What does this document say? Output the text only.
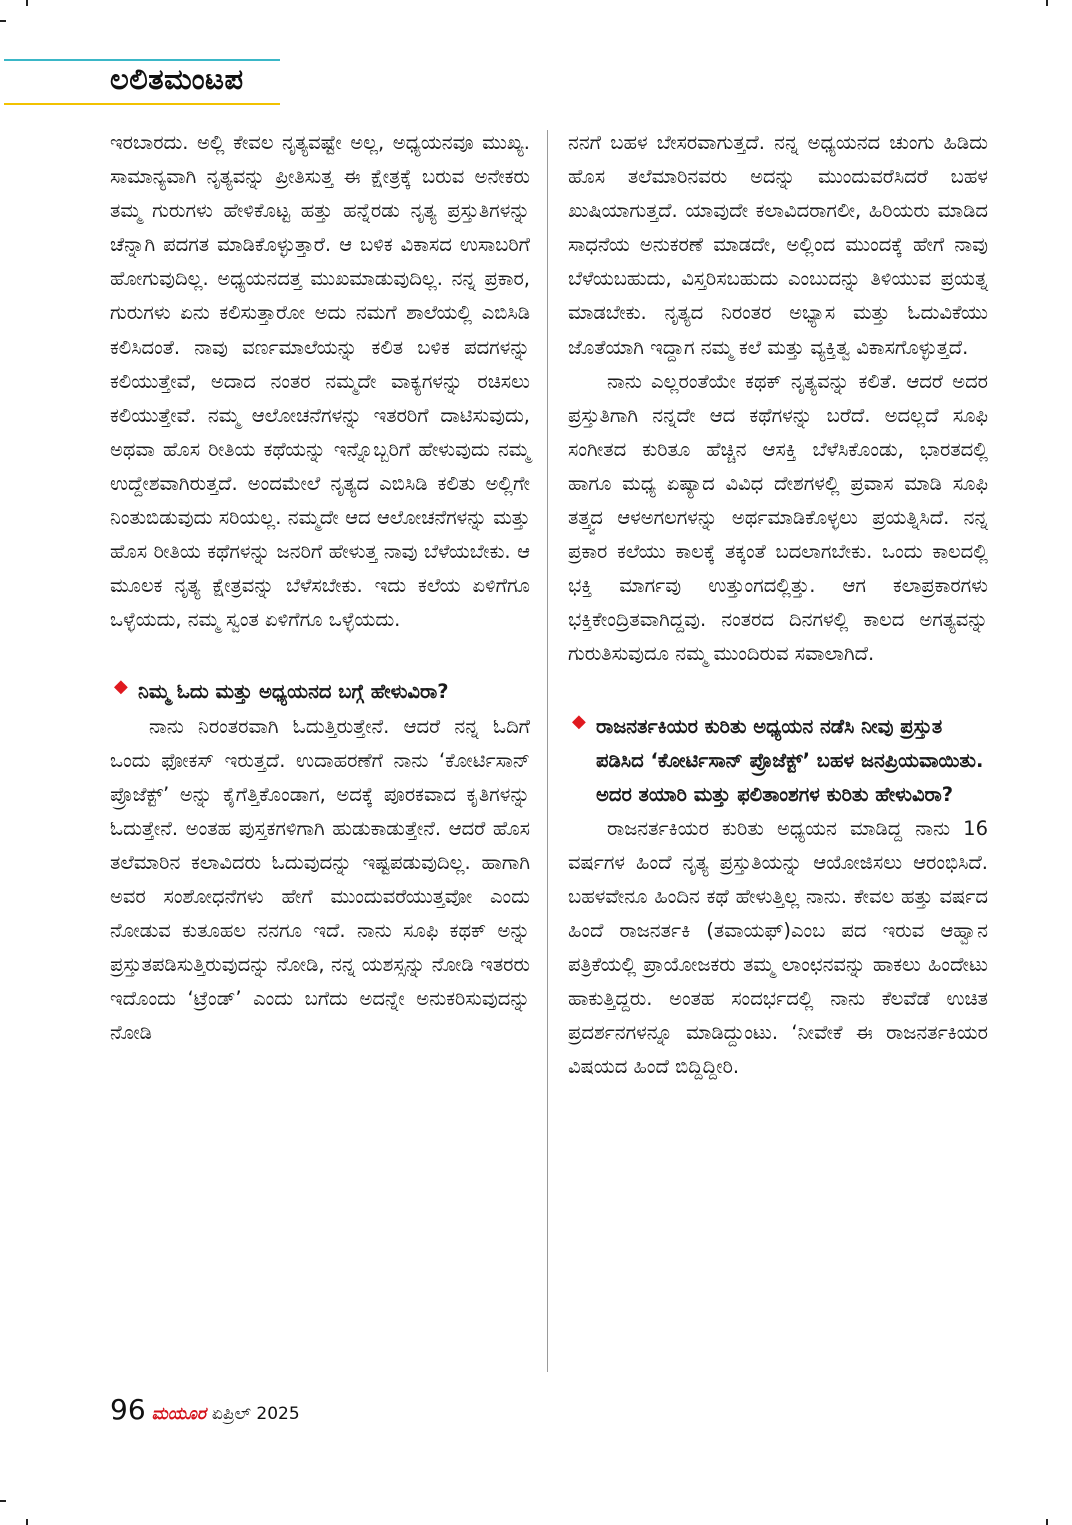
ಲಲಿತಮಂಟಪ

ಇರಬಾರದು. ಅಲ್ಲಿ ಕೇವಲ ನೃತ್ಯವಷ್ಟೇ ಅಲ್ಲ, ಅಧ್ಯಯನವೂ ಮುಖ್ಯ. ಸಾಮಾನ್ಯವಾಗಿ ನೃತ್ಯವನ್ನು ಪ್ರೀತಿಸುತ್ತ ಈ ಕ್ಷೇತ್ರಕ್ಕೆ ಬರುವ ಅನೇಕರು ತಮ್ಮ ಗುರುಗಳು ಹೇಳಿಕೊಟ್ಟ ಹತ್ತು ಹನ್ನೆರಡು ನೃತ್ಯ ಪ್ರಸ್ತುತಿಗಳನ್ನು ಚೆನ್ನಾಗಿ ಪದಗತ ಮಾಡಿಕೊಳ್ಳುತ್ತಾರೆ. ಆ ಬಳಿಕ ವಿಕಾಸದ ಉಸಾಬರಿಗೆ ಹೋಗುವುದಿಲ್ಲ. ಅಧ್ಯಯನದತ್ತ ಮುಖಮಾಡುವುದಿಲ್ಲ. ನನ್ನ ಪ್ರಕಾರ, ಗುರುಗಳು ಏನು ಕಲಿಸುತ್ತಾರೋ ಅದು ನಮಗೆ ಶಾಲೆಯಲ್ಲಿ ಎಬಿಸಿಡಿ ಕಲಿಸಿದಂತೆ. ನಾವು ವರ್ಣಮಾಲೆಯನ್ನು ಕಲಿತ ಬಳಿಕ ಪದಗಳನ್ನು ಕಲಿಯುತ್ತೇವೆ, ಅದಾದ ನಂತರ ನಮ್ಮದೇ ವಾಕ್ಯಗಳನ್ನು ರಚಿಸಲು ಕಲಿಯುತ್ತೇವೆ. ನಮ್ಮ ಆಲೋಚನೆಗಳನ್ನು ಇತರರಿಗೆ ದಾಟಿಸುವುದು, ಅಥವಾ ಹೊಸ ರೀತಿಯ ಕಥೆಯನ್ನು ಇನ್ನೊಬ್ಬರಿಗೆ ಹೇಳುವುದು ನಮ್ಮ ಉದ್ದೇಶವಾಗಿರುತ್ತದೆ. ಅಂದಮೇಲೆ ನೃತ್ಯದ ಎಬಿಸಿಡಿ ಕಲಿತು ಅಲ್ಲಿಗೇ ನಿಂತುಬಿಡುವುದು ಸರಿಯಲ್ಲ. ನಮ್ಮದೇ ಆದ ಆಲೋಚನೆಗಳನ್ನು ಮತ್ತು ಹೊಸ ರೀತಿಯ ಕಥೆಗಳನ್ನು ಜನರಿಗೆ ಹೇಳುತ್ತ ನಾವು ಬೆಳೆಯಬೇಕು. ಆ ಮೂಲಕ ನೃತ್ಯ ಕ್ಷೇತ್ರವನ್ನು ಬೆಳೆಸಬೇಕು. ಇದು ಕಲೆಯ ಏಳಿಗೆಗೂ ಒಳ್ಳೆಯದು, ನಮ್ಮ ಸ್ವಂತ ಏಳಿಗೆಗೂ ಒಳ್ಳೆಯದು.

◆ ನಿಮ್ಮ ಓದು ಮತ್ತು ಅಧ್ಯಯನದ ಬಗ್ಗೆ ಹೇಳುವಿರಾ?

ನಾನು ನಿರಂತರವಾಗಿ ಓದುತ್ತಿರುತ್ತೇನೆ. ಆದರೆ ನನ್ನ ಓದಿಗೆ ಒಂದು ಫೋಕಸ್ ಇರುತ್ತದೆ. ಉದಾಹರಣೆಗೆ ನಾನು ‘ಕೋರ್ಟಿಸಾನ್ ಪ್ರೊಜೆಕ್ಟ್’ ಅನ್ನು ಕೈಗೆತ್ತಿಕೊಂಡಾಗ, ಅದಕ್ಕೆ ಪೂರಕವಾದ ಕೃತಿಗಳನ್ನು ಓದುತ್ತೇನೆ. ಅಂತಹ ಪುಸ್ತಕಗಳಿಗಾಗಿ ಹುಡುಕಾಡುತ್ತೇನೆ. ಆದರೆ ಹೊಸ ತಲೆಮಾರಿನ ಕಲಾವಿದರು ಓದುವುದನ್ನು ಇಷ್ಟಪಡುವುದಿಲ್ಲ. ಹಾಗಾಗಿ ಅವರ ಸಂಶೋಧನೆಗಳು ಹೇಗೆ ಮುಂದುವರೆಯುತ್ತವೋ ಎಂದು ನೋಡುವ ಕುತೂಹಲ ನನಗೂ ಇದೆ. ನಾನು ಸೂಫಿ ಕಥಕ್ ಅನ್ನು ಪ್ರಸ್ತುತಪಡಿಸುತ್ತಿರುವುದನ್ನು ನೋಡಿ, ನನ್ನ ಯಶಸ್ಸನ್ನು ನೋಡಿ ಇತರರು ಇದೊಂದು ‘ಟ್ರೆಂಡ್’ ಎಂದು ಬಗೆದು ಅದನ್ನೇ ಅನುಕರಿಸುವುದನ್ನು ನೋಡಿ

ನನಗೆ ಬಹಳ ಬೇಸರವಾಗುತ್ತದೆ. ನನ್ನ ಅಧ್ಯಯನದ ಚುಂಗು ಹಿಡಿದು ಹೊಸ ತಲೆಮಾರಿನವರು ಅದನ್ನು ಮುಂದುವರೆಸಿದರೆ ಬಹಳ ಖುಷಿಯಾಗುತ್ತದೆ. ಯಾವುದೇ ಕಲಾವಿದರಾಗಲೀ, ಹಿರಿಯರು ಮಾಡಿದ ಸಾಧನೆಯ ಅನುಕರಣೆ ಮಾಡದೇ, ಅಲ್ಲಿಂದ ಮುಂದಕ್ಕೆ ಹೇಗೆ ನಾವು ಬೆಳೆಯಬಹುದು, ವಿಸ್ತರಿಸಬಹುದು ಎಂಬುದನ್ನು ತಿಳಿಯುವ ಪ್ರಯತ್ನ ಮಾಡಬೇಕು. ನೃತ್ಯದ ನಿರಂತರ ಅಭ್ಯಾಸ ಮತ್ತು ಓದುವಿಕೆಯು ಜೊತೆಯಾಗಿ ಇದ್ದಾಗ ನಮ್ಮ ಕಲೆ ಮತ್ತು ವ್ಯಕ್ತಿತ್ವ ವಿಕಾಸಗೊಳ್ಳುತ್ತದೆ.

ನಾನು ಎಲ್ಲರಂತೆಯೇ ಕಥಕ್ ನೃತ್ಯವನ್ನು ಕಲಿತೆ. ಆದರೆ ಅದರ ಪ್ರಸ್ತುತಿಗಾಗಿ ನನ್ನದೇ ಆದ ಕಥೆಗಳನ್ನು ಬರೆದೆ. ಅದಲ್ಲದೆ ಸೂಫಿ ಸಂಗೀತದ ಕುರಿತೂ ಹೆಚ್ಚಿನ ಆಸಕ್ತಿ ಬೆಳೆಸಿಕೊಂಡು, ಭಾರತದಲ್ಲಿ ಹಾಗೂ ಮಧ್ಯ ಏಷ್ಯಾದ ವಿವಿಧ ದೇಶಗಳಲ್ಲಿ ಪ್ರವಾಸ ಮಾಡಿ ಸೂಫಿ ತತ್ತ್ವದ ಆಳಅಗಲಗಳನ್ನು ಅರ್ಥಮಾಡಿಕೊಳ್ಳಲು ಪ್ರಯತ್ನಿಸಿದೆ. ನನ್ನ ಪ್ರಕಾರ ಕಲೆಯು ಕಾಲಕ್ಕೆ ತಕ್ಕಂತೆ ಬದಲಾಗಬೇಕು. ಒಂದು ಕಾಲದಲ್ಲಿ ಭಕ್ತಿ ಮಾರ್ಗವು ಉತ್ತುಂಗದಲ್ಲಿತ್ತು. ಆಗ ಕಲಾಪ್ರಕಾರಗಳು ಭಕ್ತಿಕೇಂದ್ರಿತವಾಗಿದ್ದವು. ನಂತರದ ದಿನಗಳಲ್ಲಿ ಕಾಲದ ಅಗತ್ಯವನ್ನು ಗುರುತಿಸುವುದೂ ನಮ್ಮ ಮುಂದಿರುವ ಸವಾಲಾಗಿದೆ.

◆ ರಾಜನರ್ತಕಿಯರ ಕುರಿತು ಅಧ್ಯಯನ ನಡೆಸಿ ನೀವು ಪ್ರಸ್ತುತ ಪಡಿಸಿದ ‘ಕೋರ್ಟಿಸಾನ್ ಪ್ರೊಜೆಕ್ಟ್’ ಬಹಳ ಜನಪ್ರಿಯವಾಯಿತು. ಅದರ ತಯಾರಿ ಮತ್ತು ಫಲಿತಾಂಶಗಳ ಕುರಿತು ಹೇಳುವಿರಾ?

ರಾಜನರ್ತಕಿಯರ ಕುರಿತು ಅಧ್ಯಯನ ಮಾಡಿದ್ದ ನಾನು 16 ವರ್ಷಗಳ ಹಿಂದೆ ನೃತ್ಯ ಪ್ರಸ್ತುತಿಯನ್ನು ಆಯೋಜಿಸಲು ಆರಂಭಿಸಿದೆ. ಬಹಳವೇನೂ ಹಿಂದಿನ ಕಥೆ ಹೇಳುತ್ತಿಲ್ಲ ನಾನು. ಕೇವಲ ಹತ್ತು ವರ್ಷದ ಹಿಂದೆ ರಾಜನರ್ತಕಿ (ತವಾಯಫ್)ಎಂಬ ಪದ ಇರುವ ಆಹ್ವಾನ ಪತ್ರಿಕೆಯಲ್ಲಿ ಪ್ರಾಯೋಜಕರು ತಮ್ಮ ಲಾಂಛನವನ್ನು ಹಾಕಲು ಹಿಂದೇಟು ಹಾಕುತ್ತಿದ್ದರು. ಅಂತಹ ಸಂದರ್ಭದಲ್ಲಿ ನಾನು ಕೆಲವೆಡೆ ಉಚಿತ ಪ್ರದರ್ಶನಗಳನ್ನೂ ಮಾಡಿದ್ದುಂಟು. ‘ನೀವೇಕೆ ಈ ರಾಜನರ್ತಕಿಯರ ವಿಷಯದ ಹಿಂದೆ ಬಿದ್ದಿದ್ದೀರಿ.

96 ಮಯೂರ ಏಪ್ರಿಲ್ 2025
